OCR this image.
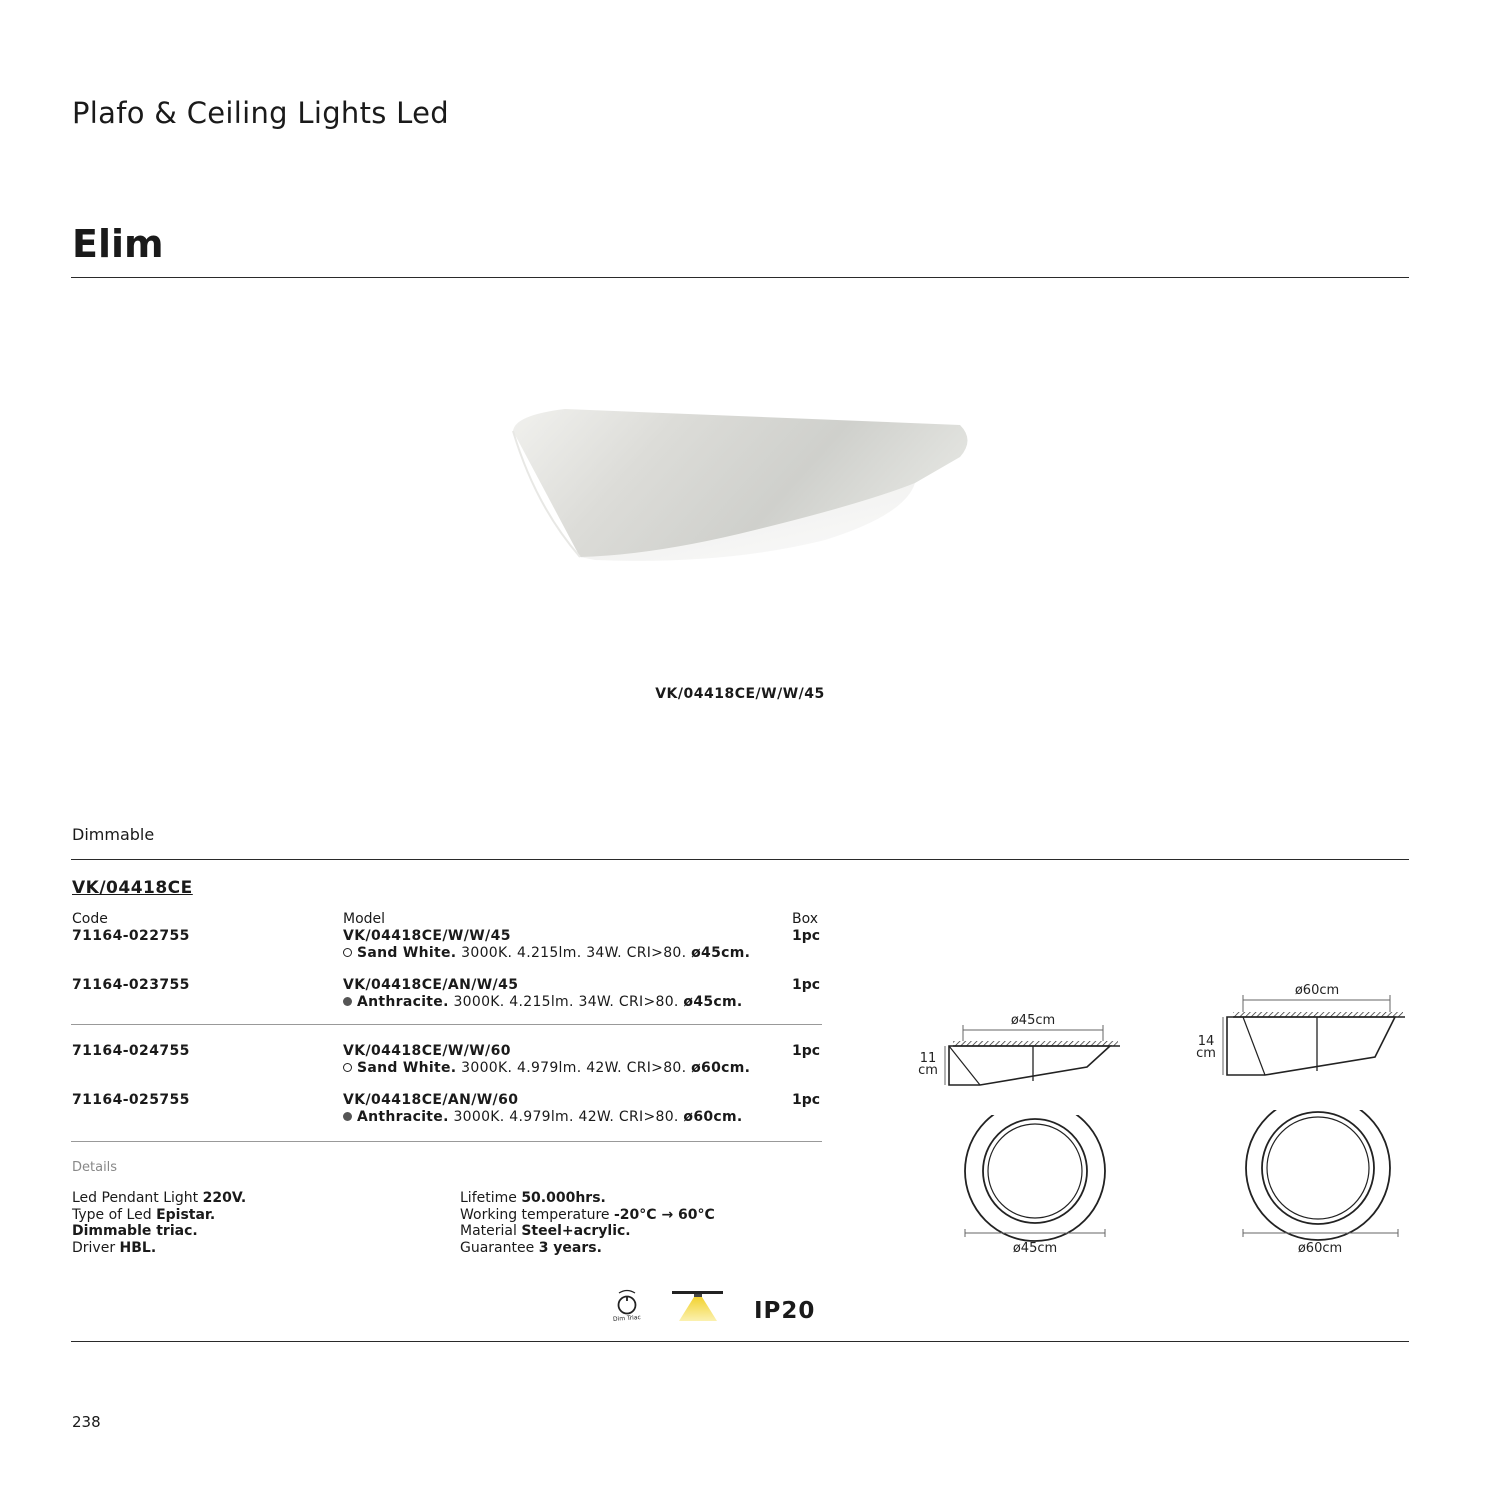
Plafo & Ceiling Lights Led
Elim
VK/04418CE/W/W/45
Dimmable
VK/04418CE
Code	Model	Box
71164-022755	VK/04418CE/W/W/45	1pc
Sand White. 3000K. 4.215lm. 34W. CRI>80. ø45cm.
71164-023755	VK/04418CE/AN/W/45	1pc
Anthracite. 3000K. 4.215lm. 34W. CRI>80. ø45cm.
71164-024755	VK/04418CE/W/W/60	1pc
Sand White. 3000K. 4.979lm. 42W. CRI>80. ø60cm.
71164-025755	VK/04418CE/AN/W/60	1pc
Anthracite. 3000K. 4.979lm. 42W. CRI>80. ø60cm.
Details
Led Pendant Light 220V.
Type of Led Epistar.
Dimmable triac.
Driver HBL.
Lifetime 50.000hrs.
Working temperature -20°C → 60°C
Material Steel+acrylic.
Guarantee 3 years.
Dim Triac	IP20
ø45cm
11
cm
ø45cm
ø60cm
14
cm
ø60cm
238
